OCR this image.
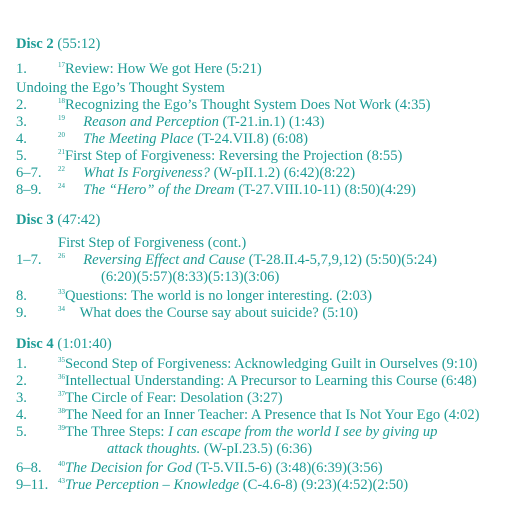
Disc 2 (55:12)
1.	$^{17}$Review: How We got Here (5:21)
Undoing the Ego’s Thought System
2.	$^{18}$Recognizing the Ego’s Thought System Does Not Work (4:35)
3.	$^{19}$ Reason and Perception (T-21.in.1) (1:43)
4.	$^{20}$ The Meeting Place (T-24.VII.8) (6:08)
5.	$^{21}$First Step of Forgiveness: Reversing the Projection (8:55)
6–7. $^{22}$ What Is Forgiveness? (W-pII.1.2) (6:42)(8:22)
8–9. $^{24}$ The “Hero” of the Dream (T-27.VIII.10-11) (8:50)(4:29)
Disc 3 (47:42)
First Step of Forgiveness (cont.)
1–7. $^{26}$ Reversing Effect and Cause (T-28.II.4-5,7,9,12) (5:50)(5:24)
(6:20)(5:57)(8:33)(5:13)(3:06)
8.	$^{33}$Questions: The world is no longer interesting. (2:03)
9.	$^{34}$ What does the Course say about suicide? (5:10)
Disc 4 (1:01:40)
1.	$^{35}$Second Step of Forgiveness: Acknowledging Guilt in Ourselves (9:10)
2.	$^{36}$Intellectual Understanding: A Precursor to Learning this Course (6:48)
3.	$^{37}$The Circle of Fear: Desolation (3:27)
4.	$^{38}$The Need for an Inner Teacher: A Presence that Is Not Your Ego (4:02)
5.	$^{39}$The Three Steps: I can escape from the world I see by giving up
attack thoughts. (W-pI.23.5) (6:36)
6–8. $^{40}$The Decision for God (T-5.VII.5-6) (3:48)(6:39)(3:56)
9–11. $^{43}$True Perception – Knowledge (C-4.6-8) (9:23)(4:52)(2:50)
